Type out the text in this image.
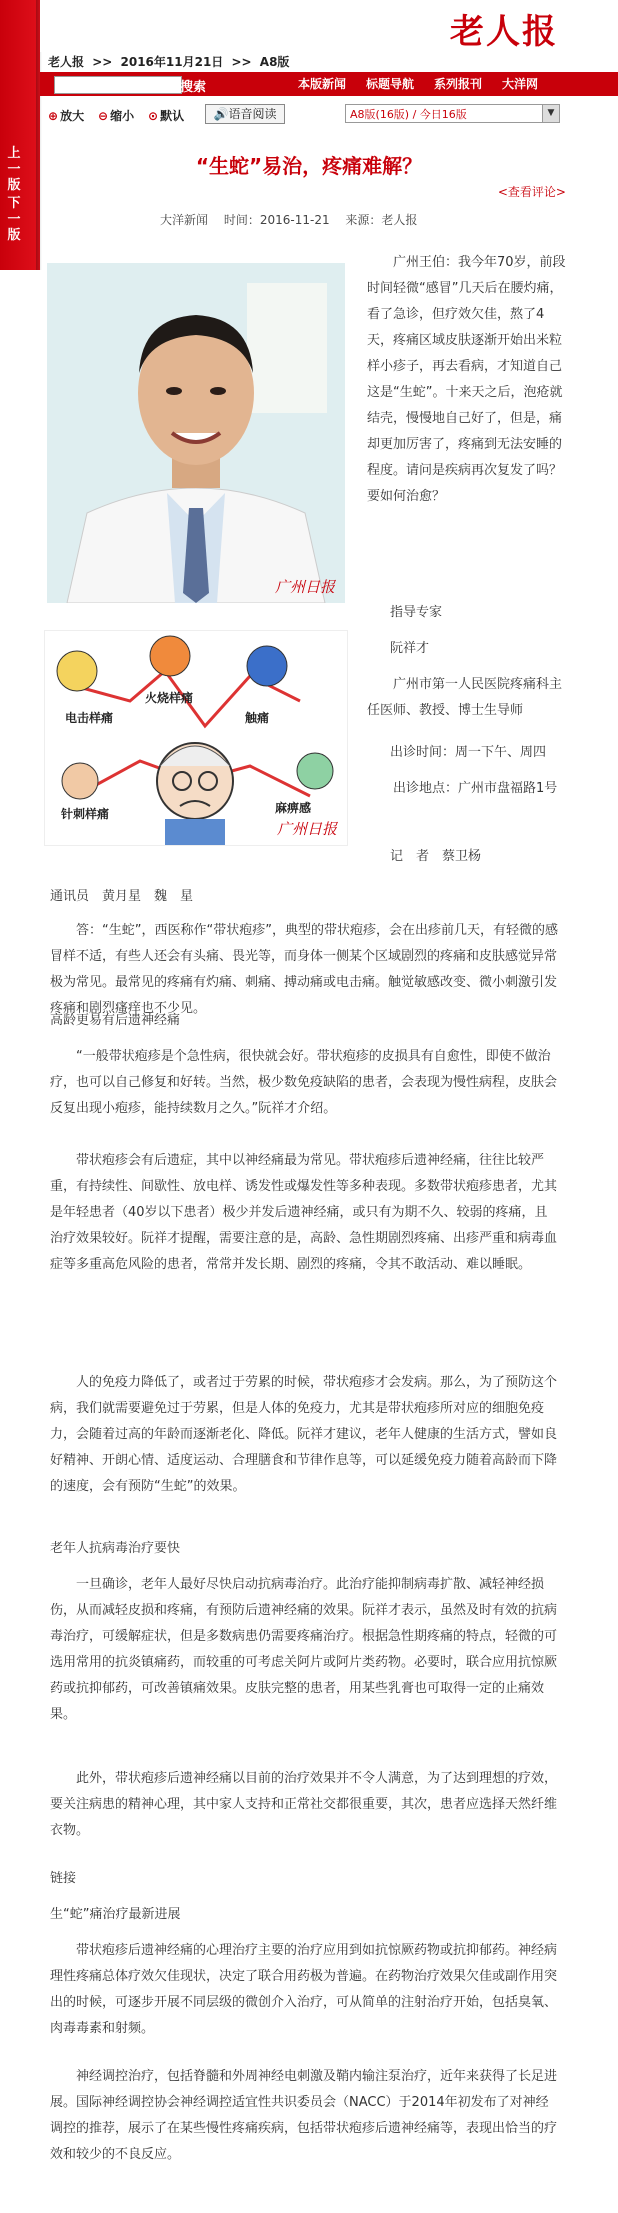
上一版
下一版
老人报
老人报 >> 2016年11月21日 >> A8版
搜索	本版新闻 标题导航 系列报刊 大洋网
⊕ 放大 ⊖ 缩小 ⊙ 默认	🔊语音阅读	A8版(16版) / 今日16版	▼
“生蛇”易治，疼痛难解？
<查看评论>
大洋新闻 时间：2016-11-21 来源：老人报
广州日报
电击样痛
火烧样痛
触痛
针刺样痛	麻痹感
广州日报
广州王伯：我今年70岁，前段时间轻微“感冒”几天后在腰灼痛，看了急诊，但疗效欠佳，熬了4天，疼痛区域皮肤逐渐开始出米粒样小疹子，再去看病，才知道自己这是“生蛇”。十来天之后，泡疮就结壳，慢慢地自己好了，但是，痛却更加厉害了，疼痛到无法安睡的程度。请问是疾病再次复发了吗？要如何治愈？
指导专家
阮祥才
广州市第一人民医院疼痛科主任医师、教授、博士生导师
出诊时间：周一下午、周四
出诊地点：广州市盘福路1号
记　者　蔡卫杨
通讯员　黄月星　魏　星
答：“生蛇”，西医称作“带状疱疹”，典型的带状疱疹，会在出疹前几天，有轻微的感冒样不适，有些人还会有头痛、畏光等，而身体一侧某个区域剧烈的疼痛和皮肤感觉异常极为常见。最常见的疼痛有灼痛、刺痛、搏动痛或电击痛。触觉敏感改变、微小刺激引发疼痛和剧烈瘙痒也不少见。
高龄更易有后遗神经痛
“一般带状疱疹是个急性病，很快就会好。带状疱疹的皮损具有自愈性，即使不做治疗，也可以自己修复和好转。当然，极少数免疫缺陷的患者，会表现为慢性病程，皮肤会反复出现小疱疹，能持续数月之久。”阮祥才介绍。
带状疱疹会有后遗症，其中以神经痛最为常见。带状疱疹后遗神经痛，往往比较严重，有持续性、间歇性、放电样、诱发性或爆发性等多种表现。多数带状疱疹患者，尤其是年轻患者（40岁以下患者）极少并发后遗神经痛，或只有为期不久、较弱的疼痛，且治疗效果较好。阮祥才提醒，需要注意的是，高龄、急性期剧烈疼痛、出疹严重和病毒血症等多重高危风险的患者，常常并发长期、剧烈的疼痛，令其不敢活动、难以睡眠。
人的免疫力降低了，或者过于劳累的时候，带状疱疹才会发病。那么，为了预防这个病，我们就需要避免过于劳累，但是人体的免疫力，尤其是带状疱疹所对应的细胞免疫力，会随着过高的年龄而逐渐老化、降低。阮祥才建议，老年人健康的生活方式，譬如良好精神、开朗心情、适度运动、合理膳食和节律作息等，可以延缓免疫力随着高龄而下降的速度，会有预防“生蛇”的效果。
老年人抗病毒治疗要快
一旦确诊，老年人最好尽快启动抗病毒治疗。此治疗能抑制病毒扩散、减轻神经损伤，从而减轻皮损和疼痛，有预防后遗神经痛的效果。阮祥才表示，虽然及时有效的抗病毒治疗，可缓解症状，但是多数病患仍需要疼痛治疗。根据急性期疼痛的特点，轻微的可选用常用的抗炎镇痛药，而较重的可考虑关阿片或阿片类药物。必要时，联合应用抗惊厥药或抗抑郁药，可改善镇痛效果。皮肤完整的患者，用某些乳膏也可取得一定的止痛效果。
此外，带状疱疹后遗神经痛以目前的治疗效果并不令人满意，为了达到理想的疗效，要关注病患的精神心理，其中家人支持和正常社交都很重要，其次，患者应选择天然纤维衣物。
链接
生“蛇”痛治疗最新进展
带状疱疹后遗神经痛的心理治疗主要的治疗应用到如抗惊厥药物或抗抑郁药。神经病理性疼痛总体疗效欠佳现状，决定了联合用药极为普遍。在药物治疗效果欠佳或副作用突出的时候，可逐步开展不同层级的微创介入治疗，可从简单的注射治疗开始，包括臭氧、肉毒毒素和射频。
神经调控治疗，包括脊髓和外周神经电刺激及鞘内输注泵治疗，近年来获得了长足进展。国际神经调控协会神经调控适宜性共识委员会（NACC）于2014年初发布了对神经调控的推荐，展示了在某些慢性疼痛疾病，包括带状疱疹后遗神经痛等，表现出恰当的疗效和较少的不良反应。
